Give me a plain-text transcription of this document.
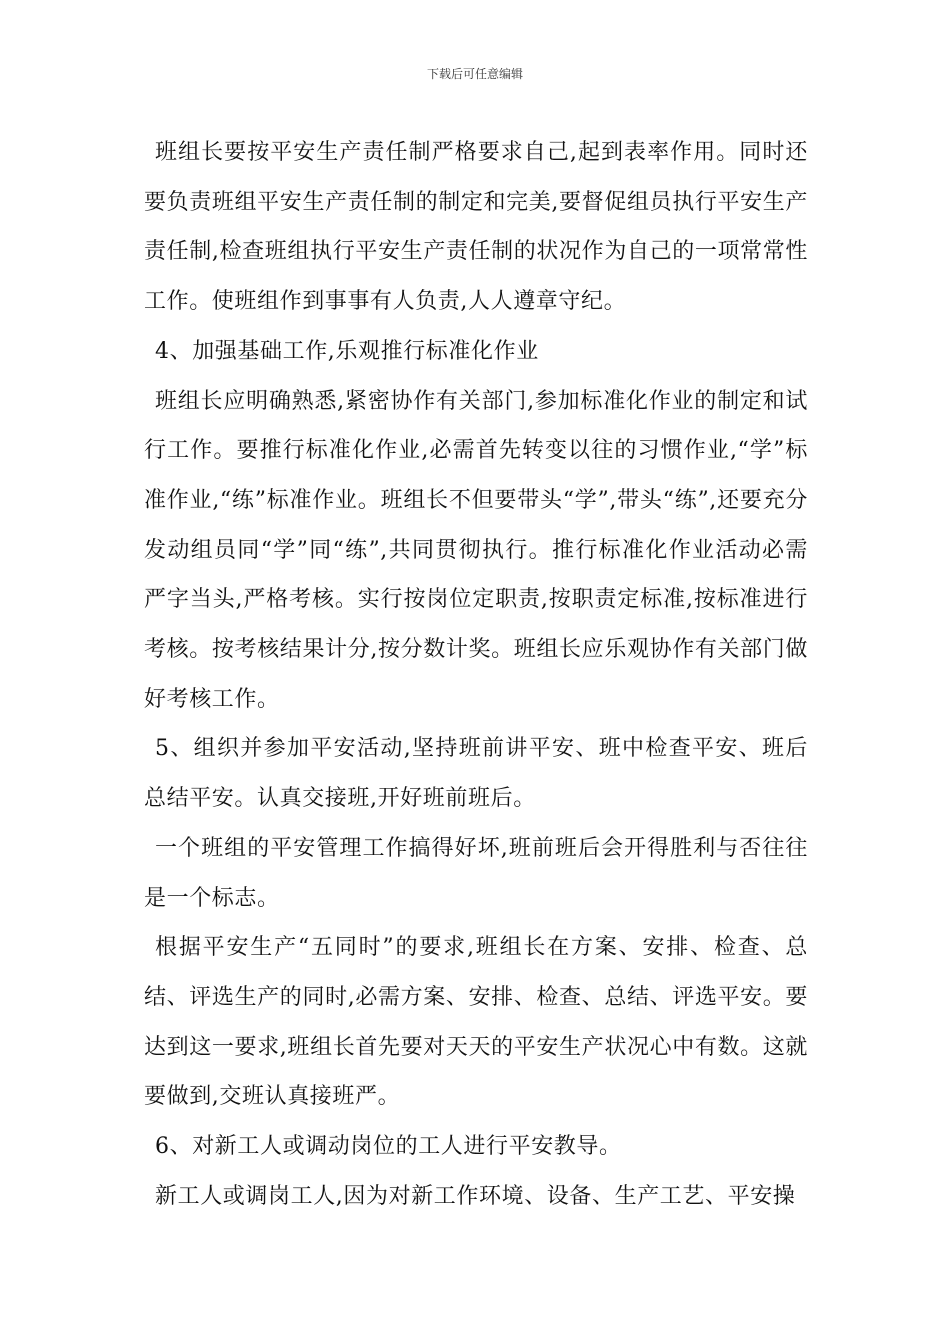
下载后可任意编辑

班组长要按平安生产责任制严格要求自己,起到表率作用。同时还要负责班组平安生产责任制的制定和完美,要督促组员执行平安生产责任制,检查班组执行平安生产责任制的状况作为自己的一项常常性工作。使班组作到事事有人负责,人人遵章守纪。

4、加强基础工作,乐观推行标准化作业

班组长应明确熟悉,紧密协作有关部门,参加标准化作业的制定和试行工作。要推行标准化作业,必需首先转变以往的习惯作业,“学”标准作业,“练”标准作业。班组长不但要带头“学”,带头“练”,还要充分发动组员同“学”同“练”,共同贯彻执行。推行标准化作业活动必需严字当头,严格考核。实行按岗位定职责,按职责定标准,按标准进行考核。按考核结果计分,按分数计奖。班组长应乐观协作有关部门做好考核工作。

5、组织并参加平安活动,坚持班前讲平安、班中检查平安、班后总结平安。认真交接班,开好班前班后。

一个班组的平安管理工作搞得好坏,班前班后会开得胜利与否往往是一个标志。

根据平安生产“五同时”的要求,班组长在方案、安排、检查、总结、评选生产的同时,必需方案、安排、检查、总结、评选平安。要达到这一要求,班组长首先要对天天的平安生产状况心中有数。这就要做到,交班认真接班严。

6、对新工人或调动岗位的工人进行平安教导。

新工人或调岗工人,因为对新工作环境、设备、生产工艺、平安操
